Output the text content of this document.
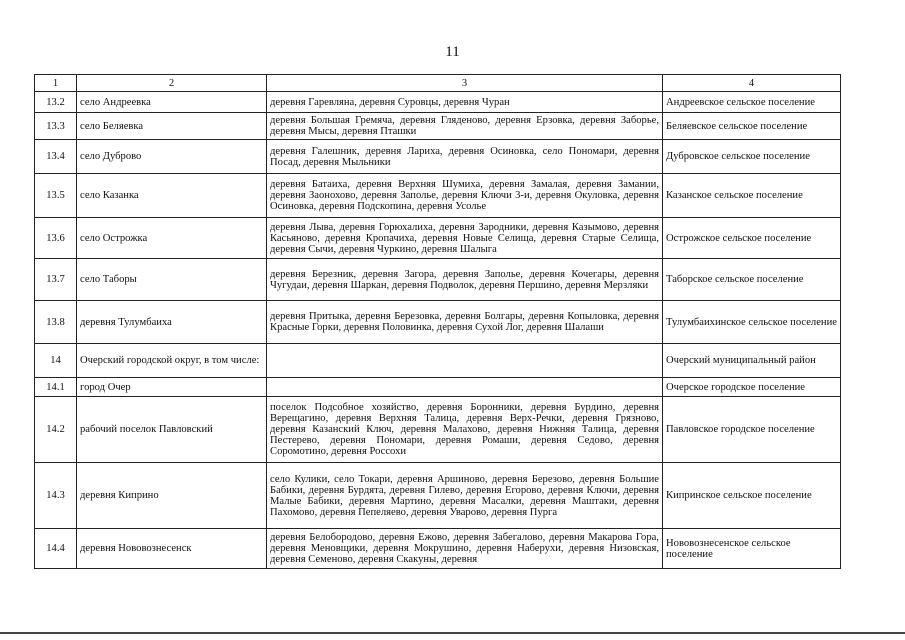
11
1	2	3	4
13.2	село Андреевка	деревня Гаревляна, деревня Суровцы, деревня Чуран	Андреевское сельское поселение
13.3	село Беляевка	деревня Большая Гремяча, деревня Гляденово, деревня Ерзовка, деревня Заборье, деревня Мысы, деревня Пташки	Беляевское сельское поселение
13.4	село Дуброво	деревня Галешник, деревня Лариха, деревня Осиновка, село Пономари, деревня Посад, деревня Мыльники	Дубровское сельское поселение
13.5	село Казанка	деревня Батаиха, деревня Верхняя Шумиха, деревня Замалая, деревня Замании, деревня Заонохово, деревня Заполье, деревня Ключи 3-и, деревня Окуловка, деревня Осиновка, деревня Подскопина, деревня Усолье	Казанское сельское поселение
13.6	село Острожка	деревня Лыва, деревня Горюхалиха, деревня Зародники, деревня Казымово, деревня Касьяново, деревня Кропачиха, деревня Новые Селища, деревня Старые Селища, деревня Сычи, деревня Чуркино, деревня Шалыга	Острожское сельское поселение
13.7	село Таборы	деревня Березник, деревня Загора, деревня Заполье, деревня Кочегары, деревня Чугудаи, деревня Шаркан, деревня Подволок, деревня Першино, деревня Мерзляки	Таборское сельское поселение
13.8	деревня Тулумбаиха	деревня Притыка, деревня Березовка, деревня Болгары, деревня Копыловка, деревня Красные Горки, деревня Половинка, деревня Сухой Лог, деревня Шалаши	Тулумбаихинское сельское поселение
14	Очерский городской округ, в том числе:		Очерский муниципальный район
14.1	город Очер		Очерское городское поселение
14.2	рабочий поселок Павловский	поселок Подсобное хозяйство, деревня Боронники, деревня Бурдино, деревня Верещагино, деревня Верхняя Талица, деревня Верх-Речки, деревня Грязново, деревня Казанский Ключ, деревня Малахово, деревня Нижняя Талица, деревня Пестерево, деревня Пономари, деревня Ромаши, деревня Седово, деревня Соромотино, деревня Россохи	Павловское городское поселение
14.3	деревня Киприно	село Кулики, село Токари, деревня Аршиново, деревня Березово, деревня Большие Бабики, деревня Бурдята, деревня Гилево, деревня Егорово, деревня Ключи, деревня Малые Бабики, деревня Мартино, деревня Масалки, деревня Маштаки, деревня Пахомово, деревня Пепеляево, деревня Уварово, деревня Пурга	Кипринское сельское поселение
14.4	деревня Нововознесенск	деревня Белобородово, деревня Ежово, деревня Забегалово, деревня Макарова Гора, деревня Меновщики, деревня Мокрушино, деревня Наберухи, деревня Низовская, деревня Семеново, деревня Скакуны, деревня	Нововознесенское сельское поселение
